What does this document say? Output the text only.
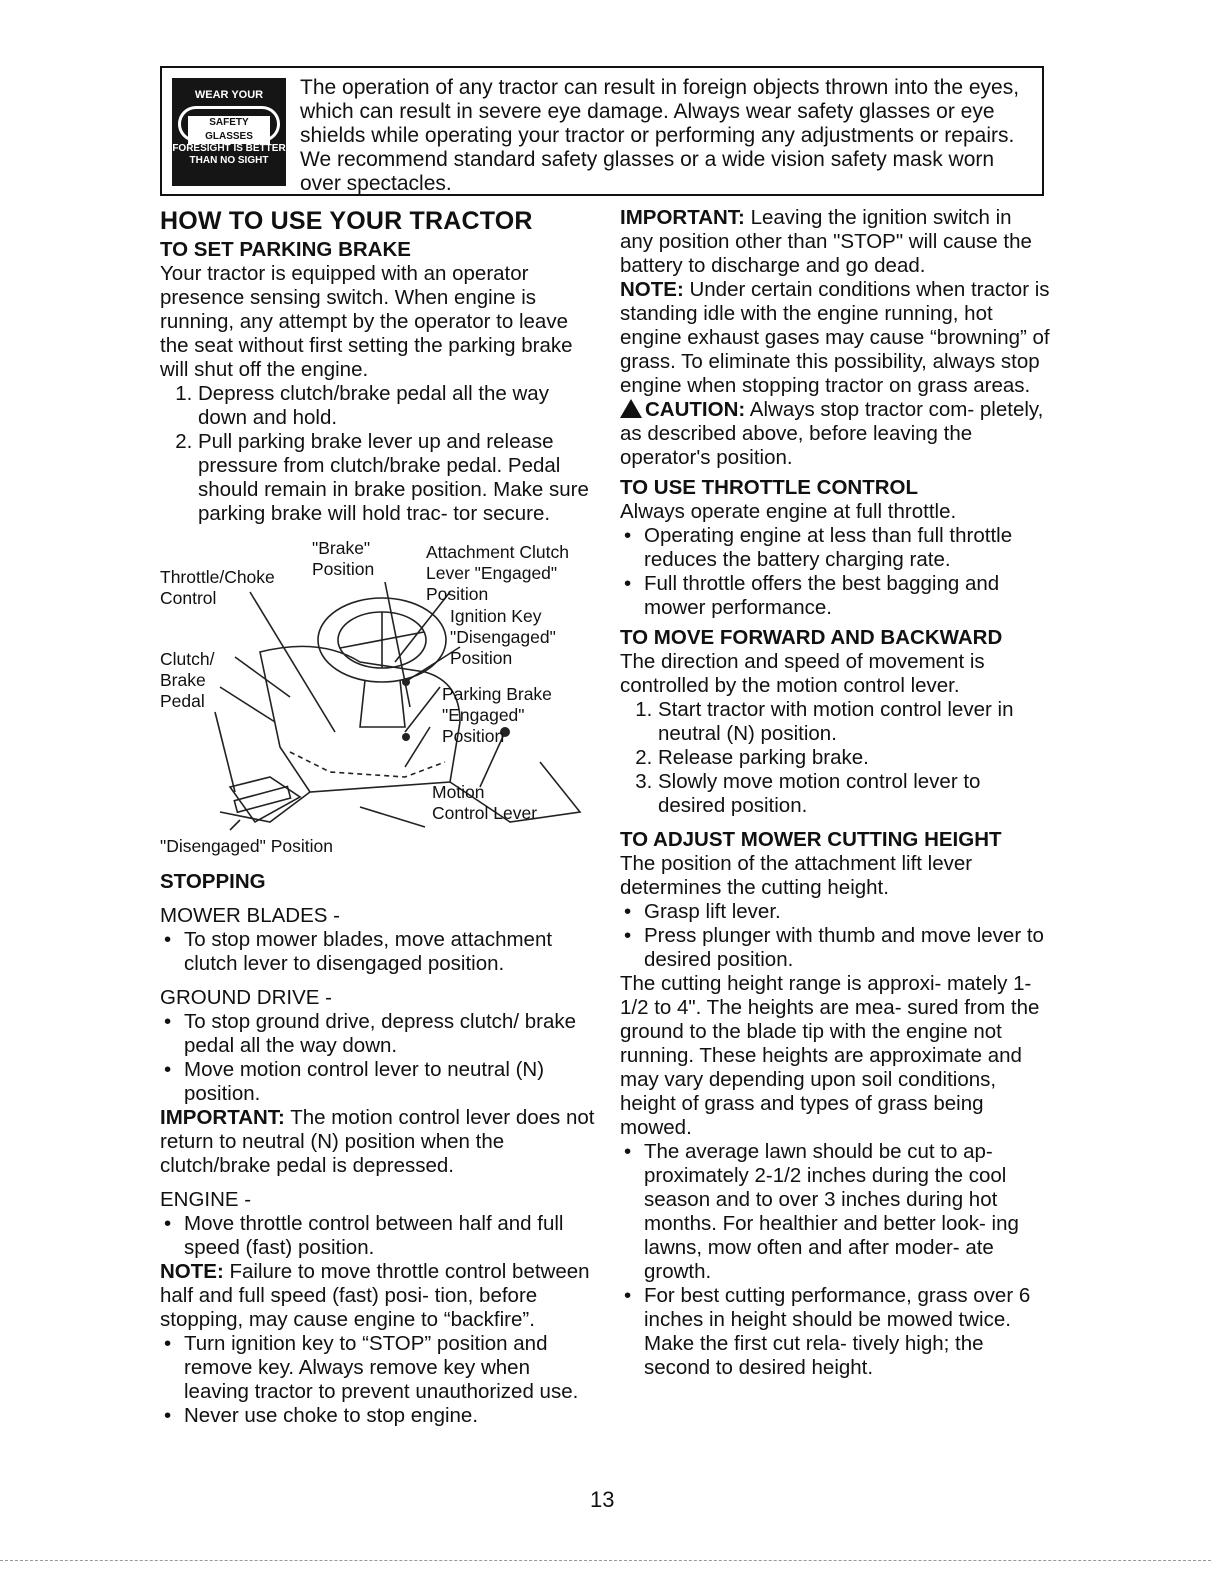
WEAR YOUR
SAFETY GLASSES
FORESIGHT IS BETTER THAN NO SIGHT
The operation of any tractor can result in foreign objects thrown into the eyes, which can result in severe eye damage. Always wear safety glasses or eye shields while operating your tractor or performing any adjustments or repairs. We recommend standard safety glasses or a wide vision safety mask worn over spectacles.
HOW TO USE YOUR TRACTOR
TO SET PARKING BRAKE

Your tractor is equipped with an operator presence sensing switch. When engine is running, any attempt by the operator to leave the seat without first setting the parking brake will shut off the engine.

1. Depress clutch/brake pedal all the way down and hold.
2. Pull parking brake lever up and release pressure from clutch/brake pedal. Pedal should remain in brake position. Make sure parking brake will hold trac- tor secure.
"Brake"
Position
Attachment Clutch
Lever "Engaged"
Position
Throttle/Choke
Control
Ignition Key
"Disengaged"
Position
Clutch/
Brake
Pedal	Parking Brake
"Engaged"
Position
Motion
Control Lever
"Disengaged" Position
STOPPING

MOWER BLADES -

• To stop mower blades, move attachment clutch lever to disengaged position.

GROUND DRIVE -

• To stop ground drive, depress clutch/ brake pedal all the way down.
• Move motion control lever to neutral (N) position.

IMPORTANT: The motion control lever does not return to neutral (N) position when the clutch/brake pedal is depressed.

ENGINE -

• Move throttle control between half and full speed (fast) position.

NOTE: Failure to move throttle control between half and full speed (fast) posi- tion, before stopping, may cause engine to “backfire”.

• Turn ignition key to “STOP” position and remove key. Always remove key when leaving tractor to prevent unauthorized use.
• Never use choke to stop engine.

IMPORTANT: Leaving the ignition switch in any position other than "STOP" will cause the battery to discharge and go dead.

NOTE: Under certain conditions when tractor is standing idle with the engine running, hot engine exhaust gases may cause “browning” of grass. To eliminate this possibility, always stop engine when stopping tractor on grass areas.

CAUTION: Always stop tractor com- pletely, as described above, before leaving the operator's position.

TO USE THROTTLE CONTROL

Always operate engine at full throttle.

• Operating engine at less than full throttle reduces the battery charging rate.
• Full throttle offers the best bagging and mower performance.
TO MOVE FORWARD AND BACKWARD

The direction and speed of movement is controlled by the motion control lever.

1. Start tractor with motion control lever in neutral (N) position.
2. Release parking brake.
3. Slowly move motion control lever to desired position.
TO ADJUST MOWER CUTTING HEIGHT

The position of the attachment lift lever determines the cutting height.

• Grasp lift lever.
• Press plunger with thumb and move lever to desired position.

The cutting height range is approxi- mately 1-1/2 to 4". The heights are mea- sured from the ground to the blade tip with the engine not running. These heights are approximate and may vary depending upon soil conditions, height of grass and types of grass being mowed.

• The average lawn should be cut to ap- proximately 2-1/2 inches during the cool season and to over 3 inches during hot months. For healthier and better look- ing lawns, mow often and after moder- ate growth.
• For best cutting performance, grass over 6 inches in height should be mowed twice. Make the first cut rela- tively high; the second to desired height.
13
